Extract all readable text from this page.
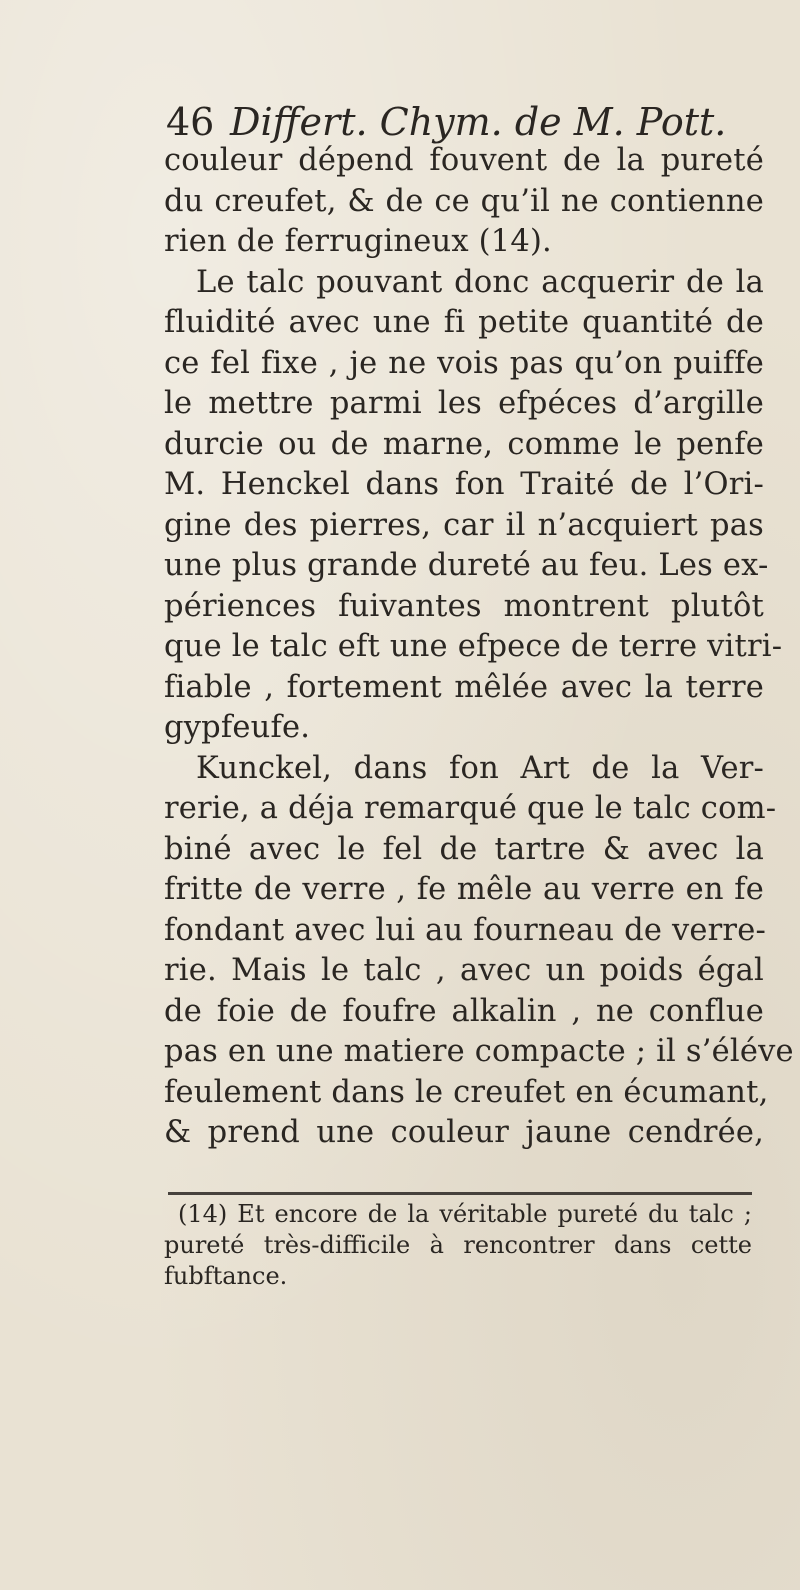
46 Differt. Chym. de M. Pott.
couleur dépend fouvent de la pureté
du creufet, & de ce qu’il ne contienne
rien de ferrugineux (14).
Le talc pouvant donc acquerir de la
fluidité avec une fi petite quantité de
ce fel fixe , je ne vois pas qu’on puiffe
le mettre parmi les efpéces d’argille
durcie ou de marne, comme le penfe
M. Henckel dans fon Traité de l’Ori-
gine des pierres, car il n’acquiert pas
une plus grande dureté au feu. Les ex-
périences fuivantes montrent plutôt
que le talc eft une efpece de terre vitri-
fiable , fortement mêlée avec la terre
gypfeufe.
Kunckel, dans fon Art de la Ver-
rerie, a déja remarqué que le talc com-
biné avec le fel de tartre & avec la
fritte de verre , fe mêle au verre en fe
fondant avec lui au fourneau de verre-
rie. Mais le talc , avec un poids égal
de foie de foufre alkalin , ne conflue
pas en une matiere compacte ; il s’éléve
feulement dans le creufet en écumant,
& prend une couleur jaune cendrée,
(14) Et encore de la véritable pureté du talc ;
pureté très-difficile à rencontrer dans cette
fubftance.
